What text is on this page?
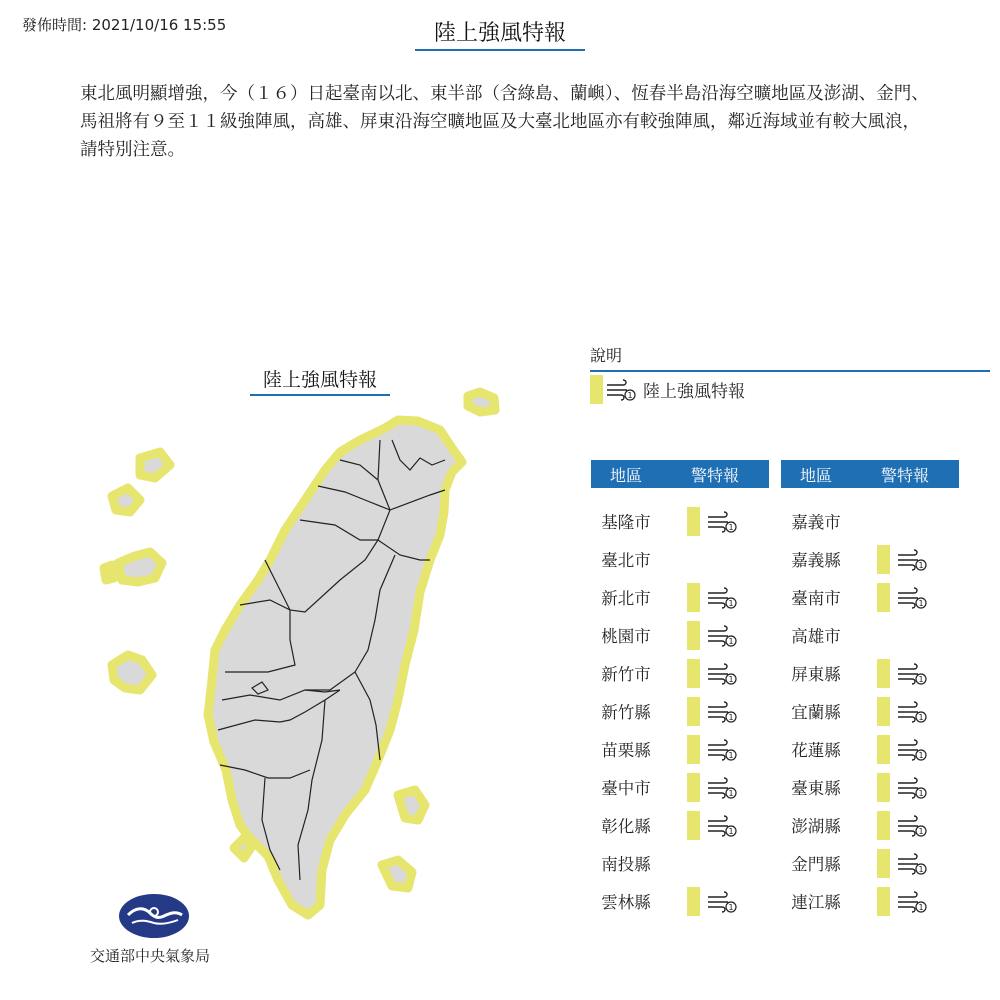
發佈時間: 2021/10/16 15:55	陸上強風特報
東北風明顯增強，今（１６）日起臺南以北、東半部（含綠島、蘭嶼）、恆春半島沿海空曠地區及澎湖、金門、馬祖將有９至１１級強陣風，高雄、屏東沿海空曠地區及大臺北地區亦有較強陣風，鄰近海域並有較大風浪，請特別注意。
陸上強風特報
交通部中央氣象局
說明
1 陸上強風特報
地區	警特報
基隆市	1

臺北市	
新北市	1

桃園市	1

新竹市	1

新竹縣	1

苗栗縣	1

臺中市	1

彰化縣	1

南投縣	
雲林縣	1
地區	警特報
嘉義市	
嘉義縣	1

臺南市	1

高雄市	
屏東縣	1

宜蘭縣	1

花蓮縣	1

臺東縣	1

澎湖縣	1

金門縣	1

連江縣	1
